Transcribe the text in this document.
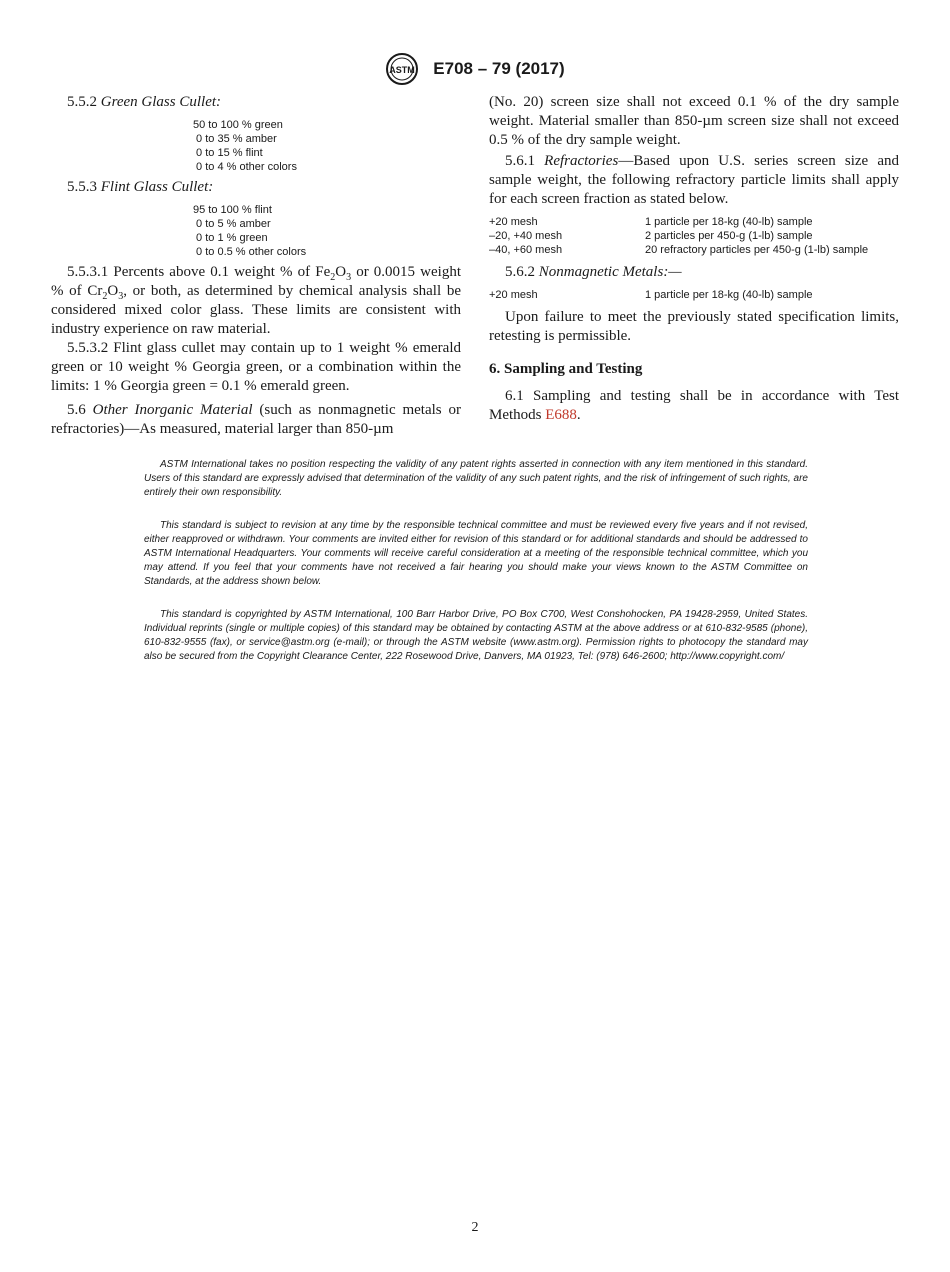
ASTM E708 – 79 (2017)

5.5.2 Green Glass Cullet:

50 to 100 % green
0 to 35 % amber
0 to 15 % flint
0 to 4 % other colors

5.5.3 Flint Glass Cullet:

95 to 100 % flint
0 to 5 % amber
0 to 1 % green
0 to 0.5 % other colors

5.5.3.1 Percents above 0.1 weight % of $Fe_2O_3$ or 0.0015 weight % of $Cr_2O_3$, or both, as determined by chemical analysis shall be considered mixed color glass. These limits are consistent with industry experience on raw material.

5.5.3.2 Flint glass cullet may contain up to 1 weight % emerald green or 10 weight % Georgia green, or a combination within the limits: 1 % Georgia green = 0.1 % emerald green.

5.6 Other Inorganic Material (such as nonmagnetic metals or refractories)—As measured, material larger than 850-µm

(No. 20) screen size shall not exceed 0.1 % of the dry sample weight. Material smaller than 850-µm screen size shall not exceed 0.5 % of the dry sample weight.

5.6.1 Refractories—Based upon U.S. series screen size and sample weight, the following refractory particle limits shall apply for each screen fraction as stated below.

+20 mesh	1 particle per 18-kg (40-lb) sample
–20, +40 mesh	2 particles per 450-g (1-lb) sample
–40, +60 mesh	20 refractory particles per 450-g (1-lb) sample

5.6.2 Nonmagnetic Metals:—

+20 mesh	1 particle per 18-kg (40-lb) sample

Upon failure to meet the previously stated specification limits, retesting is permissible.

6. Sampling and Testing

6.1 Sampling and testing shall be in accordance with Test Methods E688.

ASTM International takes no position respecting the validity of any patent rights asserted in connection with any item mentioned in this standard. Users of this standard are expressly advised that determination of the validity of any such patent rights, and the risk of infringement of such rights, are entirely their own responsibility.

This standard is subject to revision at any time by the responsible technical committee and must be reviewed every five years and if not revised, either reapproved or withdrawn. Your comments are invited either for revision of this standard or for additional standards and should be addressed to ASTM International Headquarters. Your comments will receive careful consideration at a meeting of the responsible technical committee, which you may attend. If you feel that your comments have not received a fair hearing you should make your views known to the ASTM Committee on Standards, at the address shown below.

This standard is copyrighted by ASTM International, 100 Barr Harbor Drive, PO Box C700, West Conshohocken, PA 19428-2959, United States. Individual reprints (single or multiple copies) of this standard may be obtained by contacting ASTM at the above address or at 610-832-9585 (phone), 610-832-9555 (fax), or service@astm.org (e-mail); or through the ASTM website (www.astm.org). Permission rights to photocopy the standard may also be secured from the Copyright Clearance Center, 222 Rosewood Drive, Danvers, MA 01923, Tel: (978) 646-2600; http://www.copyright.com/

2
